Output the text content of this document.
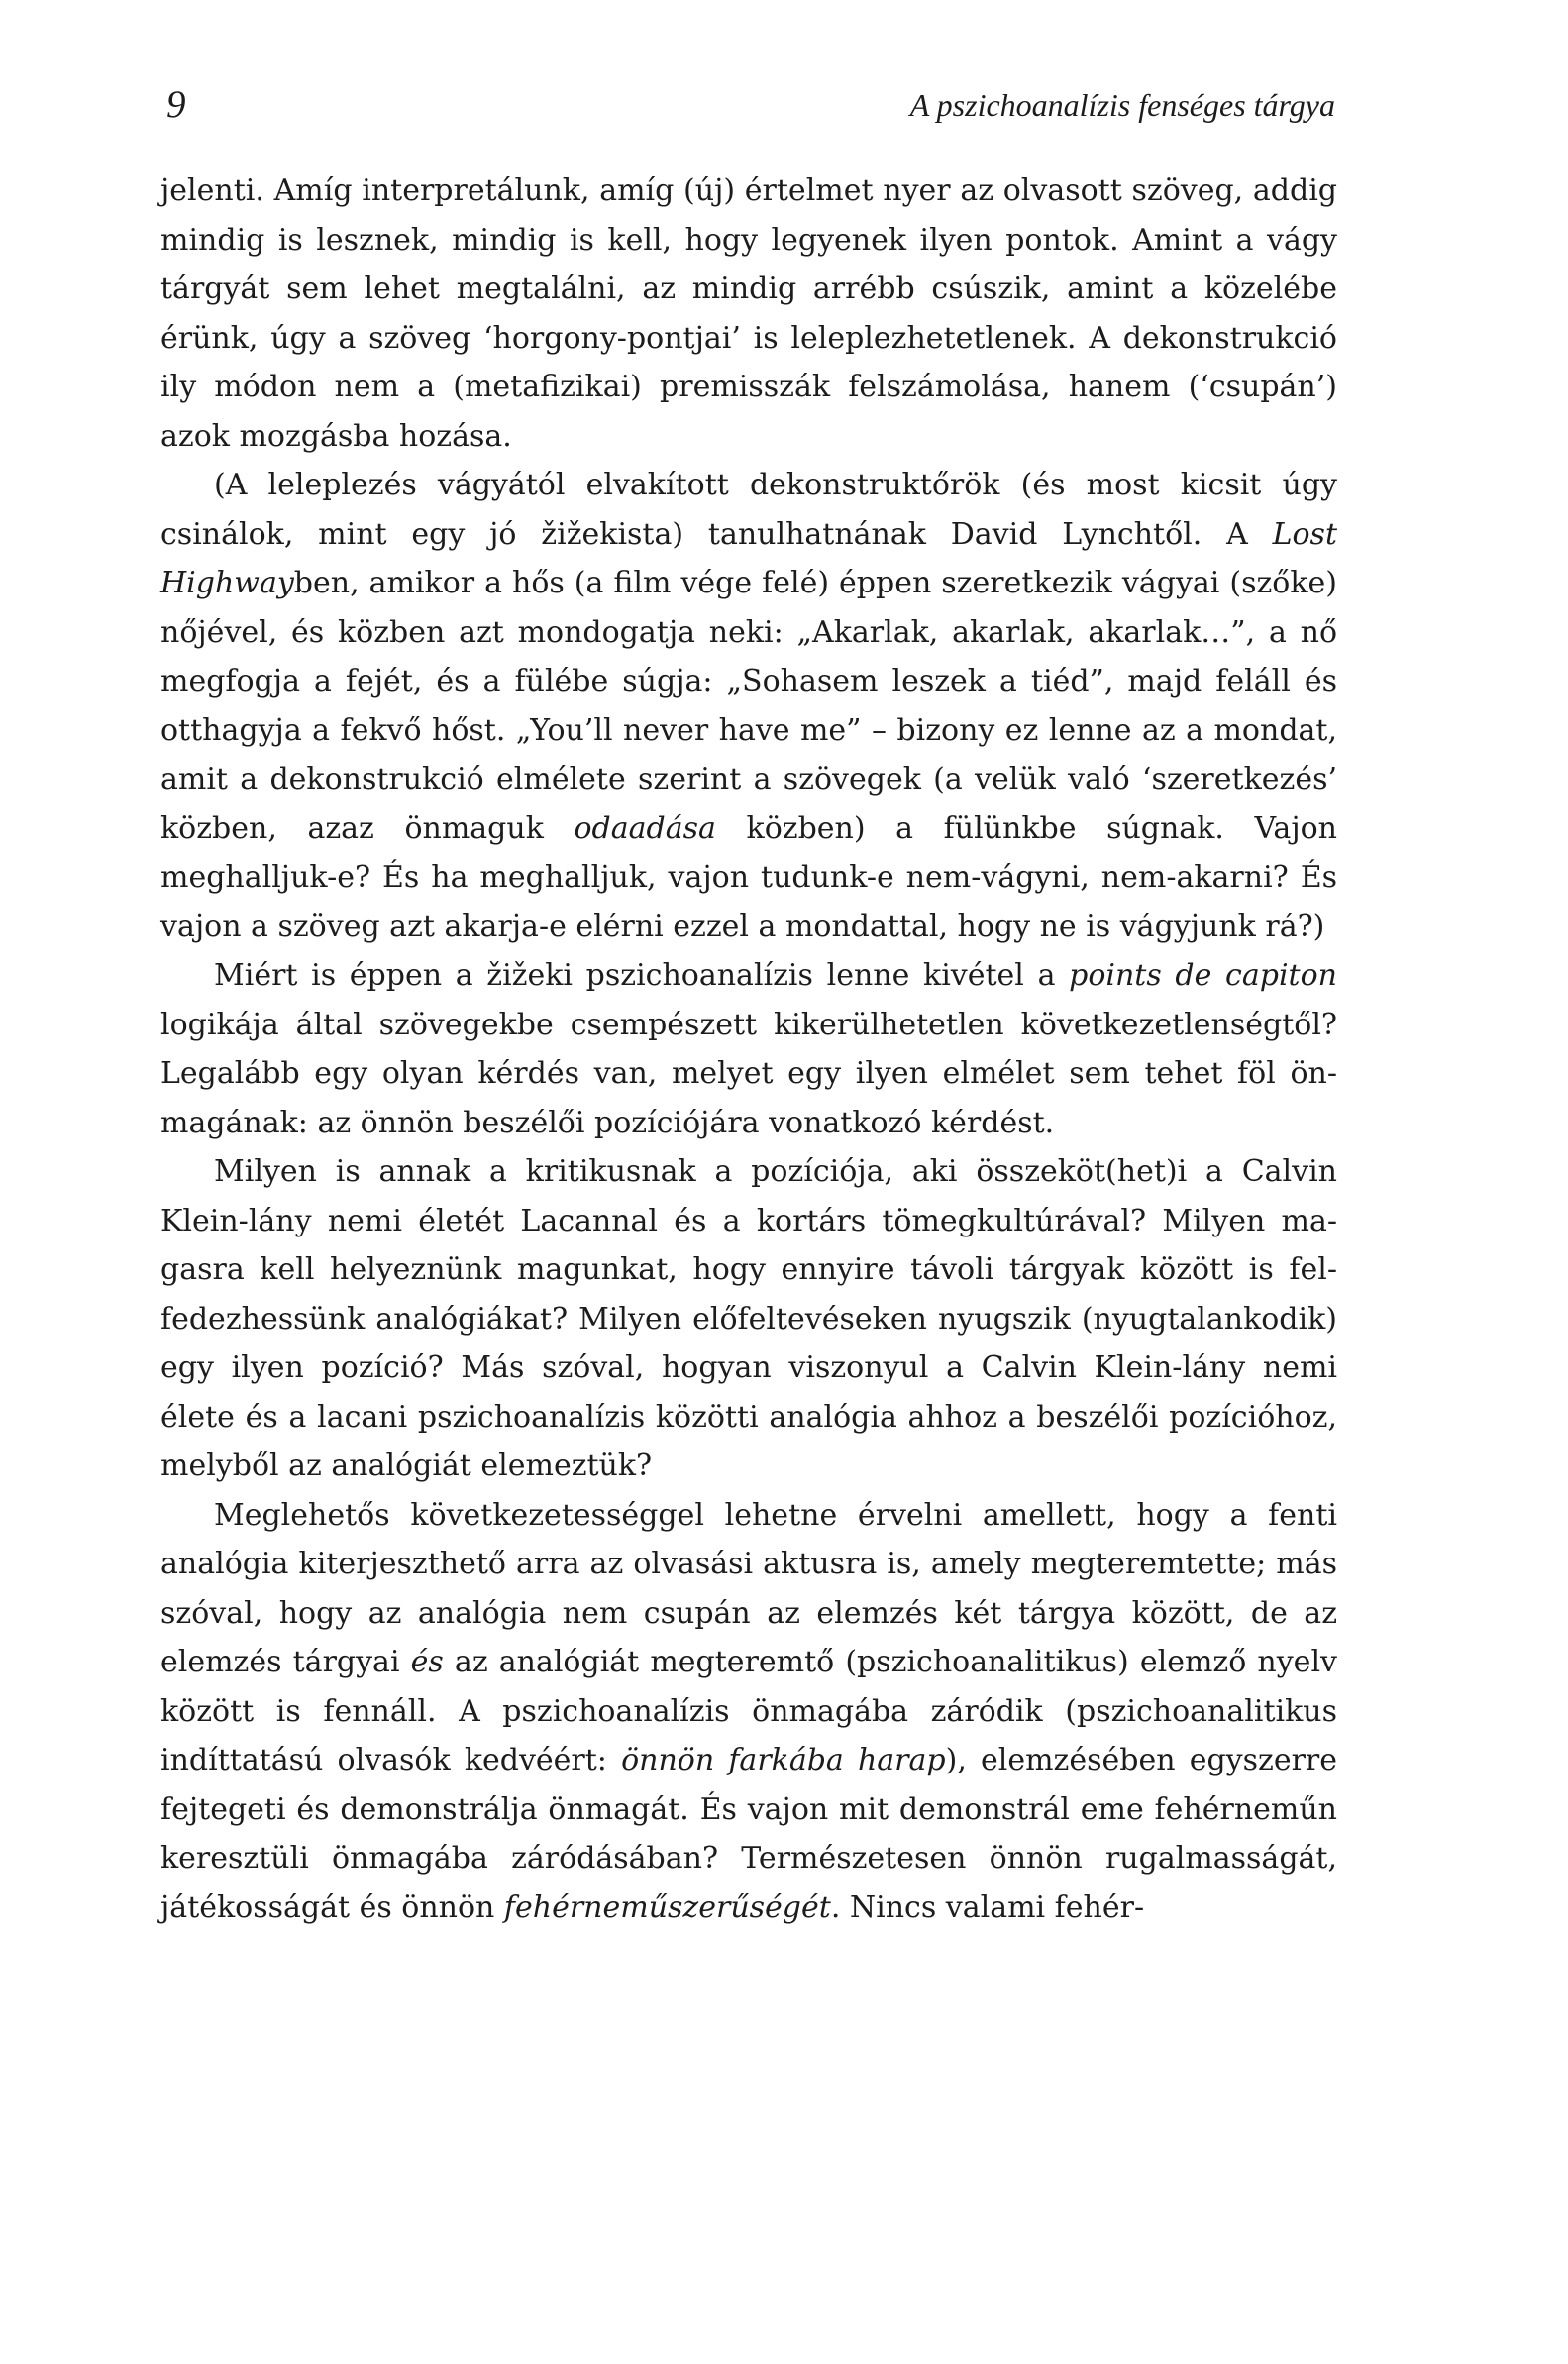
9	A pszichoanalízis fenséges tárgya

jelenti. Amíg interpretálunk, amíg (új) értelmet nyer az olvasott szöveg, addig mindig is lesznek, mindig is kell, hogy legyenek ilyen pontok. Amint a vágy tárgyát sem lehet megtalálni, az mindig arrébb csúszik, amint a közelébe érünk, úgy a szöveg ‘horgony-pontjai’ is leleplezhetetlenek. A dekonstrukció ily módon nem a (metafizikai) premisszák felszámolása, hanem (‘csupán’) azok mozgásba hozása.

(A leleplezés vágyától elvakított dekonstruktőrök (és most kicsit úgy csinálok, mint egy jó žižekista) tanulhatnának David Lynchtől. A Lost Highwayben, amikor a hős (a film vége felé) éppen szeretkezik vágyai (szőke) nőjével, és közben azt mondogatja neki: „Akarlak, akarlak, akarlak…”, a nő megfogja a fejét, és a fülébe súgja: „Sohasem leszek a tiéd”, majd feláll és otthagyja a fekvő hőst. „You’ll never have me” – bizony ez lenne az a mondat, amit a dekonstrukció elmélete szerint a szövegek (a velük való ‘szeretkezés’ közben, azaz önmaguk odaadása közben) a fülünkbe súgnak. Vajon meghalljuk-e? És ha meghalljuk, vajon tudunk-e nem-vágyni, nem-akarni? És vajon a szöveg azt akarja-e elérni ezzel a mondattal, hogy ne is vágyjunk rá?)

Miért is éppen a žižeki pszichoanalízis lenne kivétel a points de capiton logikája által szövegekbe csempészett kikerülhetetlen következetlenségtől? Legalább egy olyan kérdés van, melyet egy ilyen elmélet sem tehet föl önmagának: az önnön beszélői pozíciójára vonatkozó kérdést.

Milyen is annak a kritikusnak a pozíciója, aki összeköt(het)i a Calvin Klein-lány nemi életét Lacannal és a kortárs tömegkultúrával? Milyen magasra kell helyeznünk magunkat, hogy ennyire távoli tárgyak között is felfedezhessünk analógiákat? Milyen előfeltevéseken nyugszik (nyugtalankodik) egy ilyen pozíció? Más szóval, hogyan viszonyul a Calvin Klein-lány nemi élete és a lacani pszichoanalízis közötti analógia ahhoz a beszélői pozícióhoz, melyből az analógiát elemeztük?

Meglehetős következetességgel lehetne érvelni amellett, hogy a fenti analógia kiterjeszthető arra az olvasási aktusra is, amely megteremtette; más szóval, hogy az analógia nem csupán az elemzés két tárgya között, de az elemzés tárgyai és az analógiát megteremtő (pszichoanalitikus) elemző nyelv között is fennáll. A pszichoanalízis önmagába záródik (pszichoanalitikus indíttatású olvasók kedvéért: önnön farkába harap), elemzésében egyszerre fejtegeti és demonstrálja önmagát. És vajon mit demonstrál eme fehérneműn keresztüli önmagába záródásában? Természetesen önnön rugalmasságát, játékosságát és önnön fehérneműszerűségét. Nincs valami fehér-
